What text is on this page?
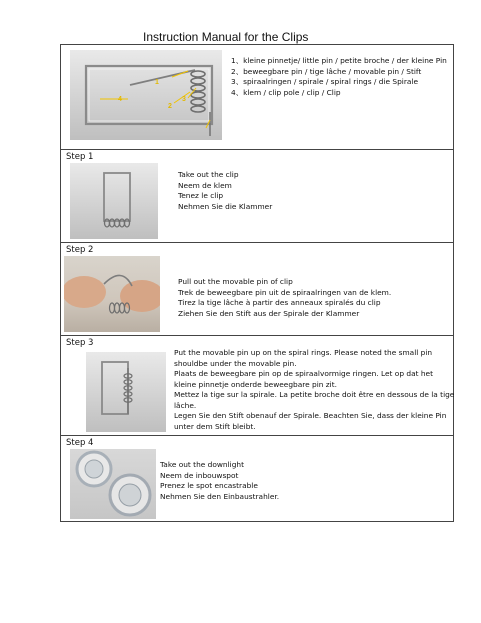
Instruction Manual for the Clips
1
2
3
4
1、kleine pinnetje/ little pin / petite broche / der kleine Pin
2、beweegbare pin / tige lâche / movable pin / Stift
3、spiraalringen / spirale / spiral rings / die Spirale
4、klem / clip pole / clip / Clip
Step 1
Take out the clip
Neem de klem
Tenez le clip
Nehmen Sie die Klammer
Step 2
Pull out the movable pin of clip
Trek de beweegbare pin uit de spiraalringen van de klem.
Tirez la tige lâche à partir des anneaux spiralés du clip
Ziehen Sie den Stift aus der Spirale der Klammer
Step 3
Put the movable pin up on the spiral rings. Please noted the small pin
shouldbe under the movable pin.
Plaats de beweegbare pin op de spiraalvormige ringen. Let op dat het
kleine pinnetje onderde beweegbare pin zit.
Mettez la tige sur la spirale. La petite broche doit être en dessous de la tige
lâche.
Legen Sie den Stift obenauf der Spirale. Beachten Sie, dass der kleine Pin
unter dem Stift bleibt.
Step 4
Take out the downlight
Neem de inbouwspot
Prenez le spot encastrable
Nehmen Sie den Einbaustrahler.
